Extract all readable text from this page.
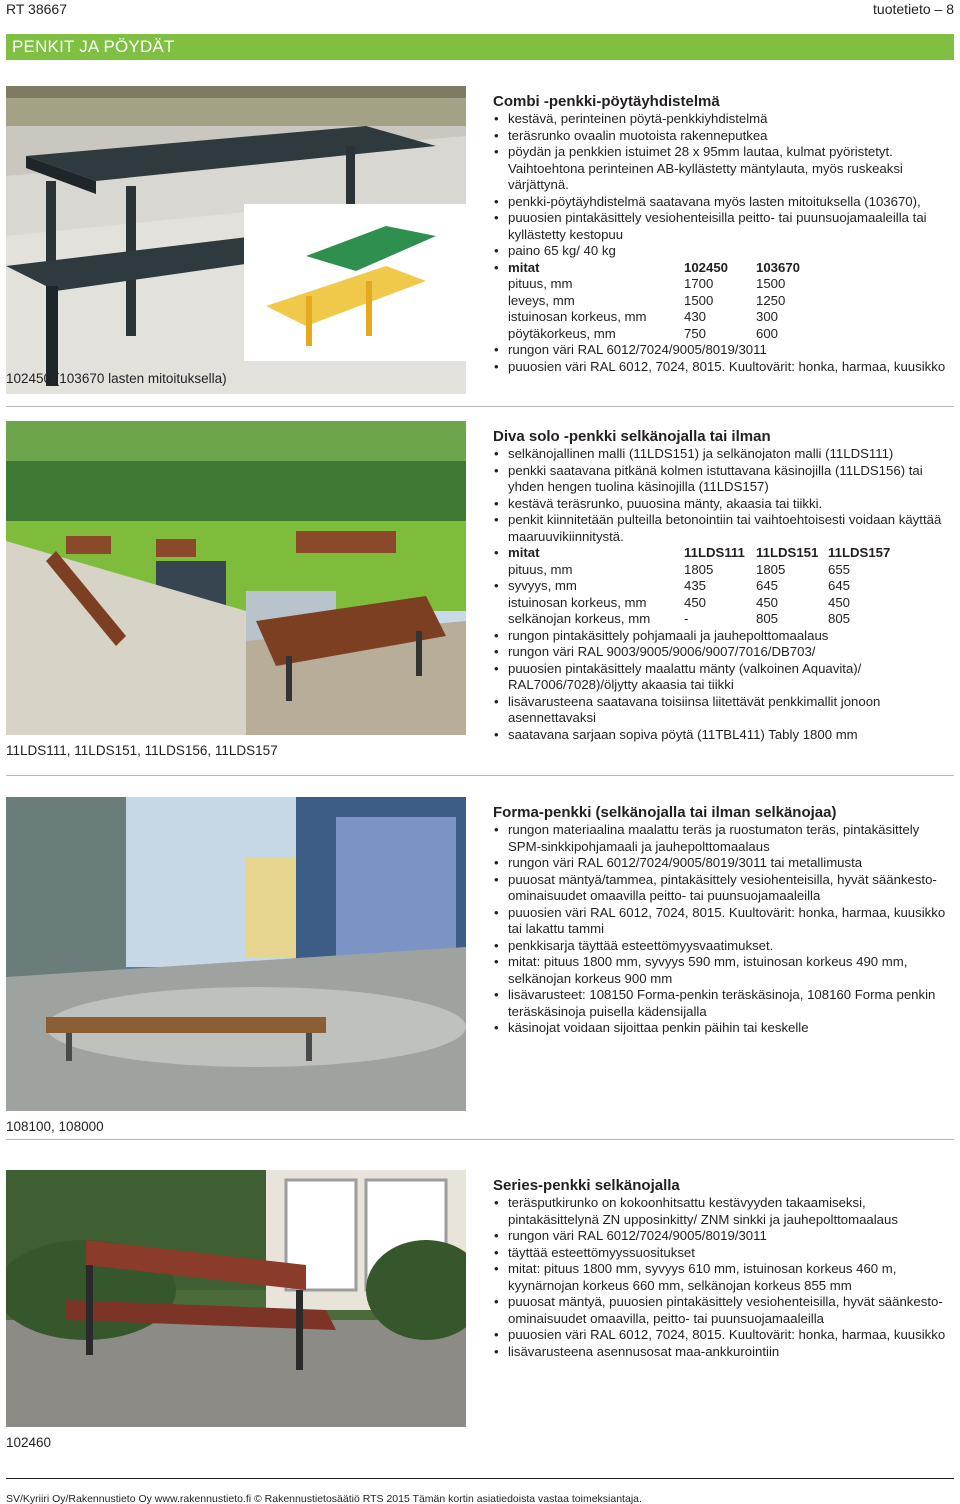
RT 38667	tuotetieto – 8
PENKIT JA PÖYDÄT
102450 (103670 lasten mitoituksella)
Combi -penkki-pöytäyhdistelmä
• kestävä, perinteinen pöytä-penkkiyhdistelmä
• teräsrunko ovaalin muotoista rakenneputkea
• pöydän ja penkkien istuimet 28 x 95mm lautaa, kulmat pyöristetyt. Vaihtoehtona perinteinen AB-kyllästetty mäntylauta, myös ruskeaksi värjättynä.
• penkki-pöytäyhdistelmä saatavana myös lasten mitoituksella (103670),
• puuosien pintakäsittely vesiohenteisilla peitto- tai puunsuojamaaleilla tai kyllästetty kestopuu
• paino 65 kg/ 40 kg
• mitat	102450	103670
pituus, mm	1700	1500
leveys, mm	1500	1250
istuinosan korkeus, mm	430	300
pöytäkorkeus, mm	750	600
• rungon väri RAL 6012/7024/9005/8019/3011
• puuosien väri RAL 6012, 7024, 8015. Kuultovärit: honka, harmaa, kuusikko
11LDS111, 11LDS151, 11LDS156, 11LDS157
Diva solo -penkki selkänojalla tai ilman
• selkänojallinen malli (11LDS151) ja selkänojaton malli (11LDS111)
• penkki saatavana pitkänä kolmen istuttavana käsinojilla (11LDS156) tai yhden hengen tuolina käsinojilla (11LDS157)
• kestävä teräsrunko, puuosina mänty, akaasia tai tiikki.
• penkit kiinnitetään pulteilla betonointiin tai vaihtoehtoisesti voidaan käyttää maaruuvikiinnitystä.
• mitat	11LDS111 11LDS151 11LDS157
pituus, mm	1805	1805	655
• syvyys, mm	435	645	645
istuinosan korkeus, mm	450	450	450
selkänojan korkeus, mm	-	805	805
• rungon pintakäsittely pohjamaali ja jauhepolttomaalaus
• rungon väri RAL 9003/9005/9006/9007/7016/DB703/
• puuosien pintakäsittely maalattu mänty (valkoinen Aquavita)/ RAL7006/7028)/öljytty akaasia tai tiikki
• lisävarusteena saatavana toisiinsa liitettävät penkkimallit jonoon asennettavaksi
• saatavana sarjaan sopiva pöytä (11TBL411) Tably 1800 mm
108100, 108000
Forma-penkki (selkänojalla tai ilman selkänojaa)
• rungon materiaalina maalattu teräs ja ruostumaton teräs, pintakäsittely SPM-sinkkipohjamaali ja jauhepolttomaalaus
• rungon väri RAL 6012/7024/9005/8019/3011 tai metallimusta
• puuosat mäntyä/tammea, pintakäsittely vesiohenteisilla, hyvät säänkesto-ominaisuudet omaavilla peitto- tai puunsuojamaaleilla
• puuosien väri RAL 6012, 7024, 8015. Kuultovärit: honka, harmaa, kuusikko tai lakattu tammi
• penkkisarja täyttää esteettömyysvaatimukset.
• mitat: pituus 1800 mm, syvyys 590 mm, istuinosan korkeus 490 mm, selkänojan korkeus 900 mm
• lisävarusteet: 108150 Forma-penkin teräskäsinoja, 108160 Forma penkin teräskäsinoja puisella kädensijalla
• käsinojat voidaan sijoittaa penkin päihin tai keskelle
102460
Series-penkki selkänojalla
• teräsputkirunko on kokoonhitsattu kestävyyden takaamiseksi, pintakäsittelynä ZN upposinkitty/ ZNM sinkki ja jauhepolttomaalaus
• rungon väri RAL 6012/7024/9005/8019/3011
• täyttää esteettömyyssuositukset
• mitat: pituus 1800 mm, syvyys 610 mm, istuinosan korkeus 460 m, kyynärnojan korkeus 660 mm, selkänojan korkeus 855 mm
• puuosat mäntyä, puuosien pintakäsittely vesiohenteisilla, hyvät säänkesto-ominaisuudet omaavilla, peitto- tai puunsuojamaaleilla
• puuosien väri RAL 6012, 7024, 8015. Kuultovärit: honka, harmaa, kuusikko
• lisävarusteena asennusosat maa-ankkurointiin
SV/Kyriiri Oy/Rakennustieto Oy www.rakennustieto.fi © Rakennustietosäätiö RTS 2015 Tämän kortin asiatiedoista vastaa toimeksiantaja.
